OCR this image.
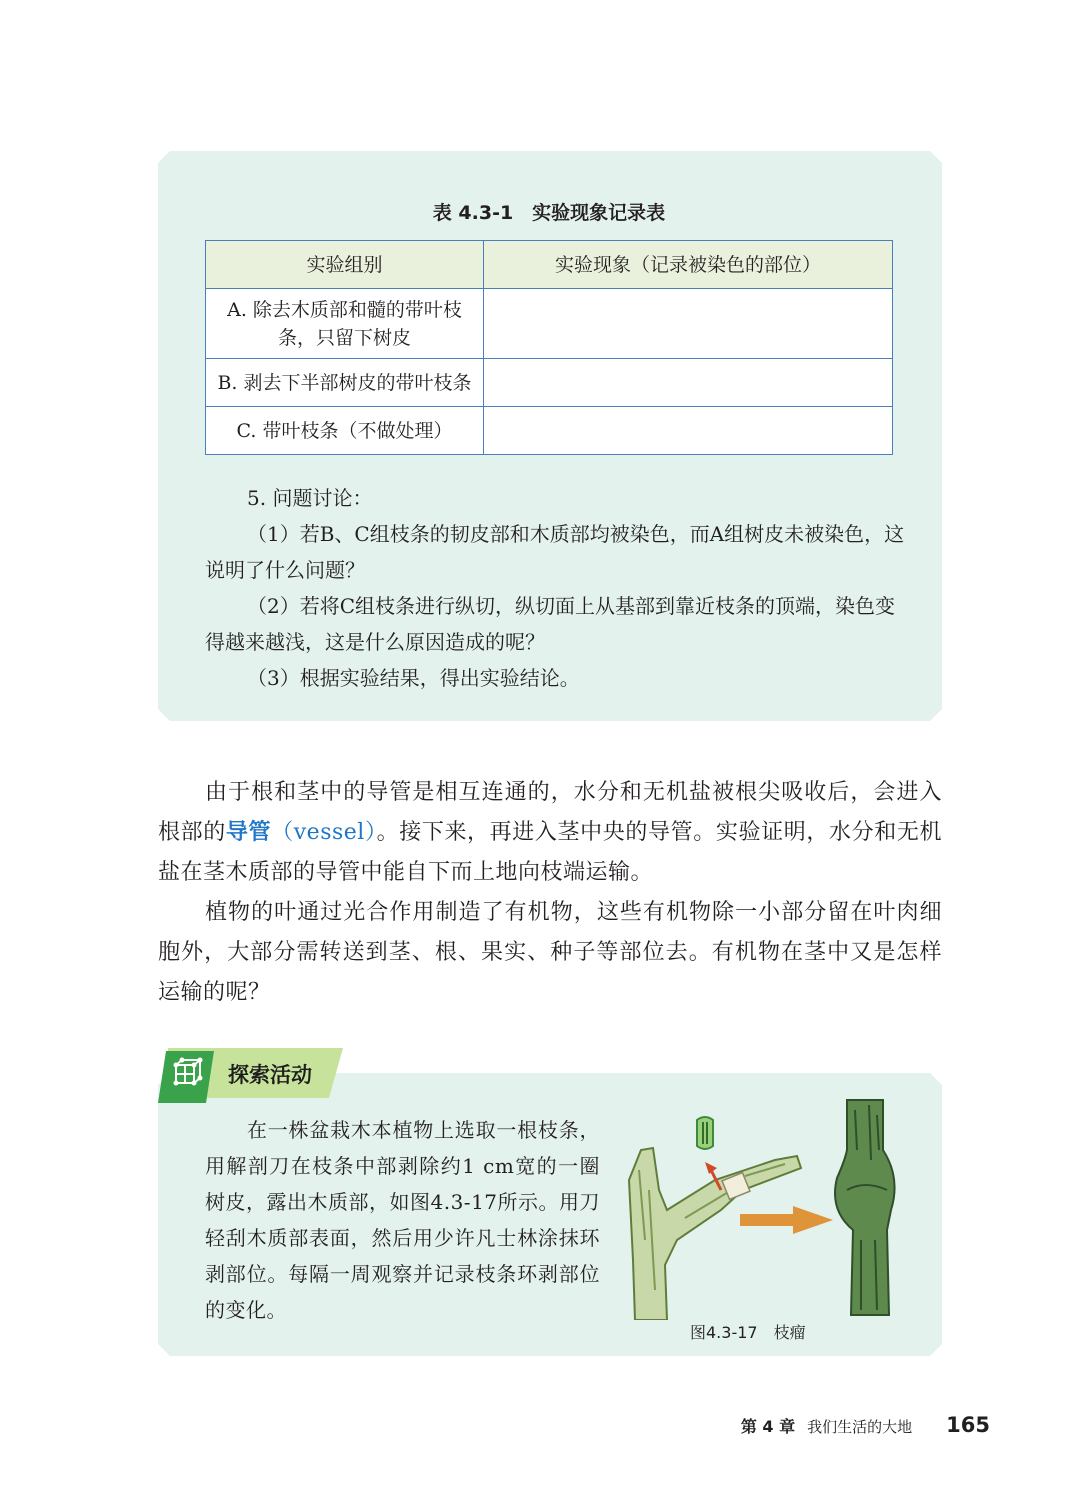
表 4.3-1　实验现象记录表
实验组别	实验现象（记录被染色的部位）
A. 除去木质部和髓的带叶枝条，只留下树皮	
B. 剥去下半部树皮的带叶枝条	
C. 带叶枝条（不做处理）	

5. 问题讨论：

（1）若B、C组枝条的韧皮部和木质部均被染色，而A组树皮未被染色，这说明了什么问题？

（2）若将C组枝条进行纵切，纵切面上从基部到靠近枝条的顶端，染色变得越来越浅，这是什么原因造成的呢？

（3）根据实验结果，得出实验结论。

由于根和茎中的导管是相互连通的，水分和无机盐被根尖吸收后，会进入根部的导管（vessel）。接下来，再进入茎中央的导管。实验证明，水分和无机盐在茎木质部的导管中能自下而上地向枝端运输。

植物的叶通过光合作用制造了有机物，这些有机物除一小部分留在叶肉细胞外，大部分需转送到茎、根、果实、种子等部位去。有机物在茎中又是怎样运输的呢？

探索活动

在一株盆栽木本植物上选取一根枝条，用解剖刀在枝条中部剥除约1 cm宽的一圈树皮，露出木质部，如图4.3-17所示。用刀轻刮木质部表面，然后用少许凡士林涂抹环剥部位。每隔一周观察并记录枝条环剥部位的变化。

图4.3-17　枝瘤
第 4 章 我们生活的大地 165
